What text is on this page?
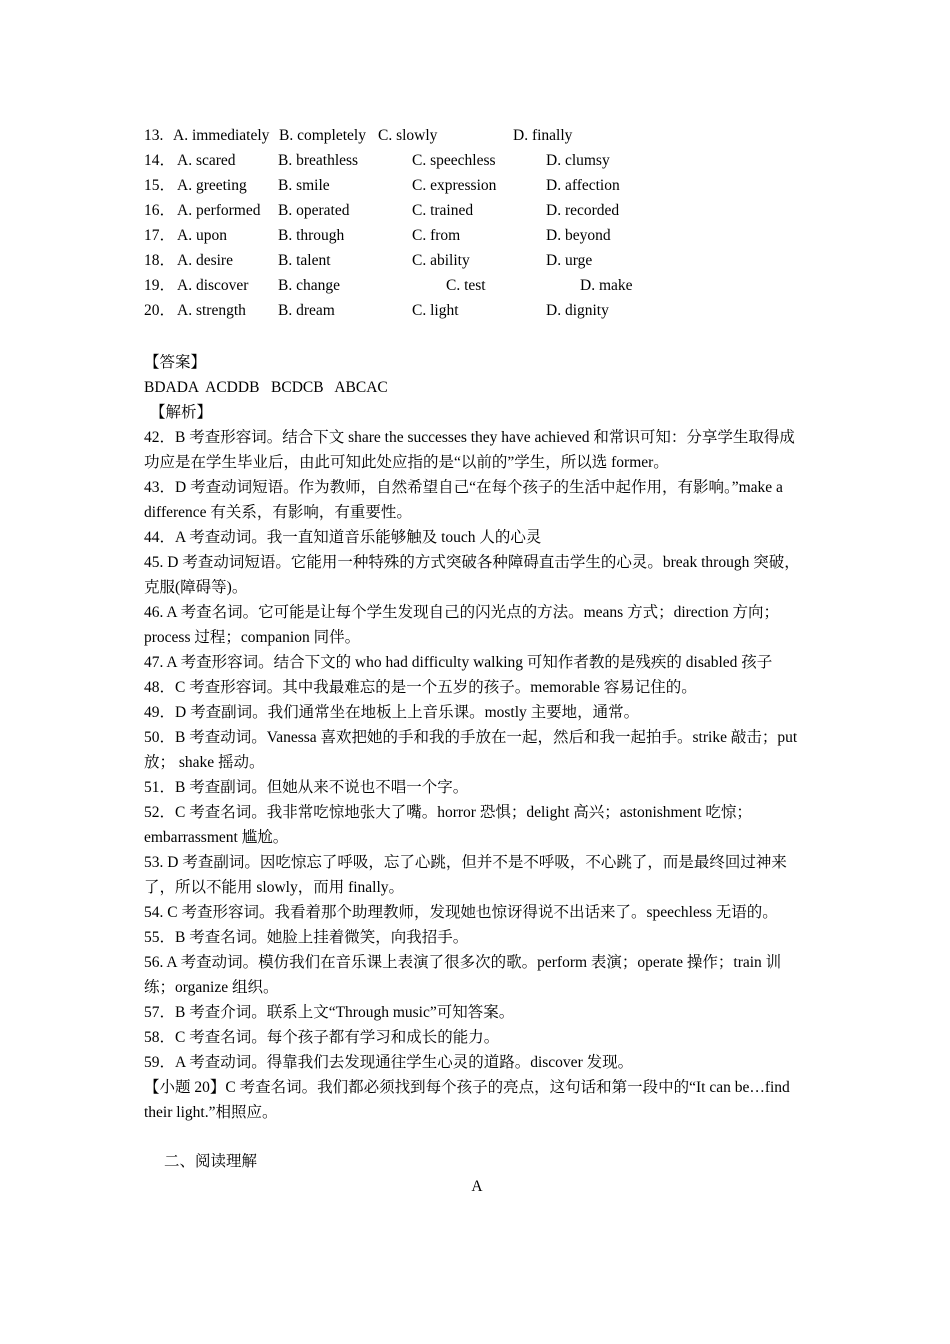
13. A. immediately B. completely C. slowly	D. finally
14． A. scared	B. breathless	C. speechless	D. clumsy
15． A. greeting B. smile	C. expression	D. affection
16． A. performed B. operated	C. trained	D. recorded
17． A. upon	B. through	C. from	D. beyond
18． A. desire	B. talent	C. ability	D. urge
19． A. discover B. change	C. test	D. make
20． A. strength B. dream	C. light	D. dignity
【答案】
BDADA  ACDDB   BCDCB   ABCAC
【解析】
42．B 考查形容词。结合下文 share the successes they have achieved 和常识可知：分享学生取得成功应是在学生毕业后，由此可知此处应指的是“以前的”学生，所以选 former。
43．D 考查动词短语。作为教师，自然希望自己“在每个孩子的生活中起作用，有影响。”make a difference 有关系，有影响，有重要性。
44．A 考查动词。我一直知道音乐能够触及 touch 人的心灵
45. D 考查动词短语。它能用一种特殊的方式突破各种障碍直击学生的心灵。break through 突破，克服(障碍等)。
46. A 考查名词。它可能是让每个学生发现自己的闪光点的方法。means 方式；direction 方向；process 过程；companion 同伴。
47. A 考查形容词。结合下文的 who had difficulty walking 可知作者教的是残疾的 disabled 孩子
48．C 考查形容词。其中我最难忘的是一个五岁的孩子。memorable 容易记住的。
49．D 考查副词。我们通常坐在地板上上音乐课。mostly 主要地，通常。
50．B 考查动词。Vanessa 喜欢把她的手和我的手放在一起，然后和我一起拍手。strike 敲击；put 放； shake 摇动。
51．B 考查副词。但她从来不说也不唱一个字。
52．C 考查名词。我非常吃惊地张大了嘴。horror 恐惧；delight 高兴；astonishment 吃惊；embarrassment 尴尬。
53. D 考查副词。因吃惊忘了呼吸，忘了心跳，但并不是不呼吸，不心跳了，而是最终回过神来了，所以不能用 slowly，而用 finally。
54. C 考查形容词。我看着那个助理教师，发现她也惊讶得说不出话来了。speechless 无语的。
55．B 考查名词。她脸上挂着微笑，向我招手。
56. A 考查动词。模仿我们在音乐课上表演了很多次的歌。perform 表演；operate 操作；train 训练；organize 组织。
57．B 考查介词。联系上文“Through music”可知答案。
58．C 考查名词。每个孩子都有学习和成长的能力。
59．A 考查动词。得靠我们去发现通往学生心灵的道路。discover 发现。
【小题 20】C 考查名词。我们都必须找到每个孩子的亮点，这句话和第一段中的“It can be…find their light.”相照应。
二、阅读理解
A
